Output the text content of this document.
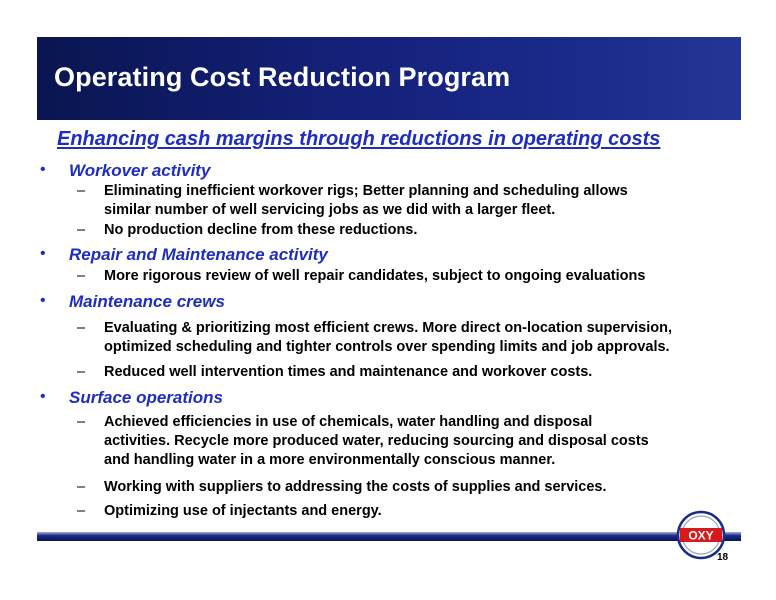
Operating Cost Reduction Program
Enhancing cash margins through reductions in operating costs
• Workover activity
– Eliminating inefficient workover rigs; Better planning and scheduling allows
similar number of well servicing jobs as we did with a larger fleet.
– No production decline from these reductions.
• Repair and Maintenance activity
– More rigorous review of well repair candidates, subject to ongoing evaluations
• Maintenance crews
– Evaluating & prioritizing most efficient crews. More direct on-location supervision,
optimized scheduling and tighter controls over spending limits and job approvals.
– Reduced well intervention times and maintenance and workover costs.
• Surface operations
– Achieved efficiencies in use of chemicals, water handling and disposal
activities. Recycle more produced water, reducing sourcing and disposal costs
and handling water in a more environmentally conscious manner.
– Working with suppliers to addressing the costs of supplies and services.
– Optimizing use of injectants and energy.
OXY
18
